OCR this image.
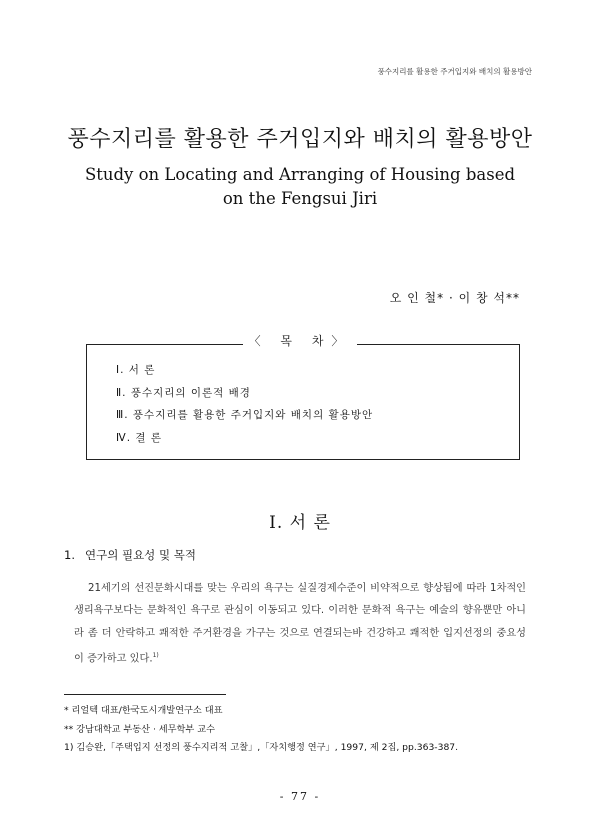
풍수지리를 활용한 주거입지와 배치의 활용방안
풍수지리를 활용한 주거입지와 배치의 활용방안
Study on Locating and Arranging of Housing based
on the Fengsui Jiri
오 인 철* · 이 창 석**
〈 목 차〉
Ⅰ. 서 론
Ⅱ. 풍수지리의 이론적 배경
Ⅲ. 풍수지리를 활용한 주거입지와 배치의 활용방안
Ⅳ. 결 론
Ⅰ. 서 론
1. 연구의 필요성 및 목적
21세기의 선진문화시대를 맞는 우리의 욕구는 실질경제수준이 비약적으로 향상됨에 따라 1차적인 생리욕구보다는 문화적인 욕구로 관심이 이동되고 있다. 이러한 문화적 욕구는 예술의 향유뿐만 아니라 좀 더 안락하고 쾌적한 주거환경을 가구는 것으로 연결되는바 건강하고 쾌적한 입지선정의 중요성이 증가하고 있다.$^{1)}$
* 리얼텍 대표/한국도시개발연구소 대표
** 강남대학교 부동산 · 세무학부 교수
1) 김승완,「주택입지 선정의 풍수지리적 고찰」,「자치행정 연구」, 1997, 제 2집, pp.363-387.
- 77 -
